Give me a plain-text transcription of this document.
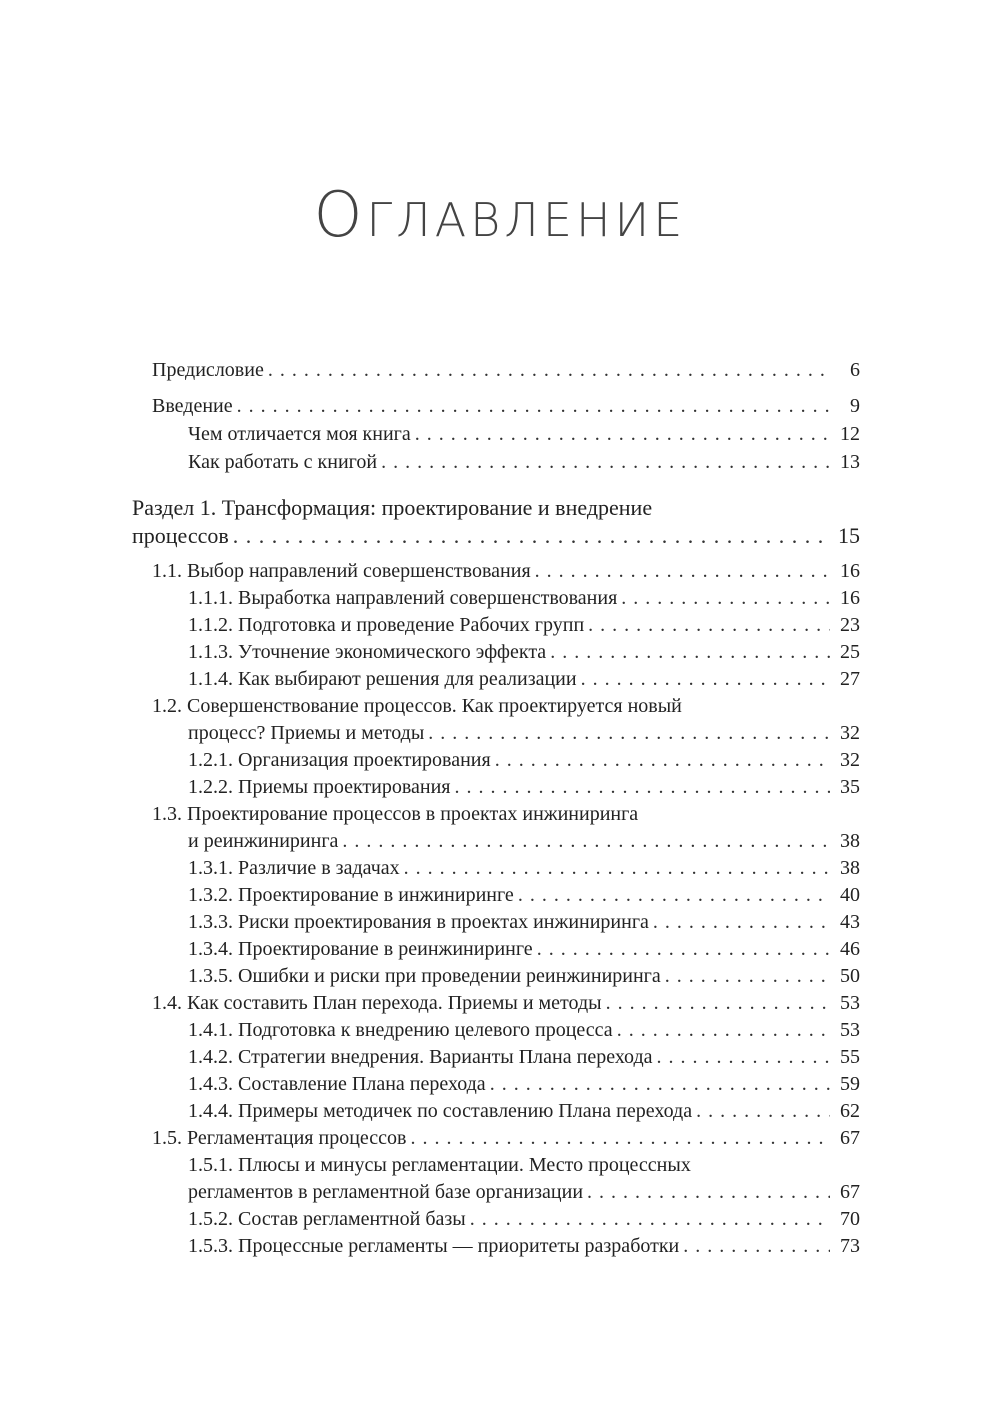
ОГЛАВЛЕНИЕ
Предисловие . . .	6
Введение . . .	9
Чем отличается моя книга . . .	12
Как работать с книгой . . .	13
Раздел 1. Трансформация: проектирование и внедрение
процессов . . .	15
1.1. Выбор направлений совершенствования . . .	16
1.1.1. Выработка направлений совершенствования . . .	16
1.1.2. Подготовка и проведение Рабочих групп . . .	23
1.1.3. Уточнение экономического эффекта . . .	25
1.1.4. Как выбирают решения для реализации . . .	27
1.2. Совершенствование процессов. Как проектируется новый
процесс? Приемы и методы . . .	32
1.2.1. Организация проектирования . . .	32
1.2.2. Приемы проектирования . . .	35
1.3. Проектирование процессов в проектах инжиниринга
и реинжиниринга . . .	38
1.3.1. Различие в задачах . . .	38
1.3.2. Проектирование в инжиниринге . . .	40
1.3.3. Риски проектирования в проектах инжиниринга . . .	43
1.3.4. Проектирование в реинжиниринге . . .	46
1.3.5. Ошибки и риски при проведении реинжиниринга . . .	50
1.4. Как составить План перехода. Приемы и методы . . .	53
1.4.1. Подготовка к внедрению целевого процесса . . .	53
1.4.2. Стратегии внедрения. Варианты Плана перехода . . .	55
1.4.3. Составление Плана перехода . . .	59
1.4.4. Примеры методичек по составлению Плана перехода . . .	62
1.5. Регламентация процессов . . .	67
1.5.1. Плюсы и минусы регламентации. Место процессных
регламентов в регламентной базе организации . . .	67
1.5.2. Состав регламентной базы . . .	70
1.5.3. Процессные регламенты — приоритеты разработки . . .	73
